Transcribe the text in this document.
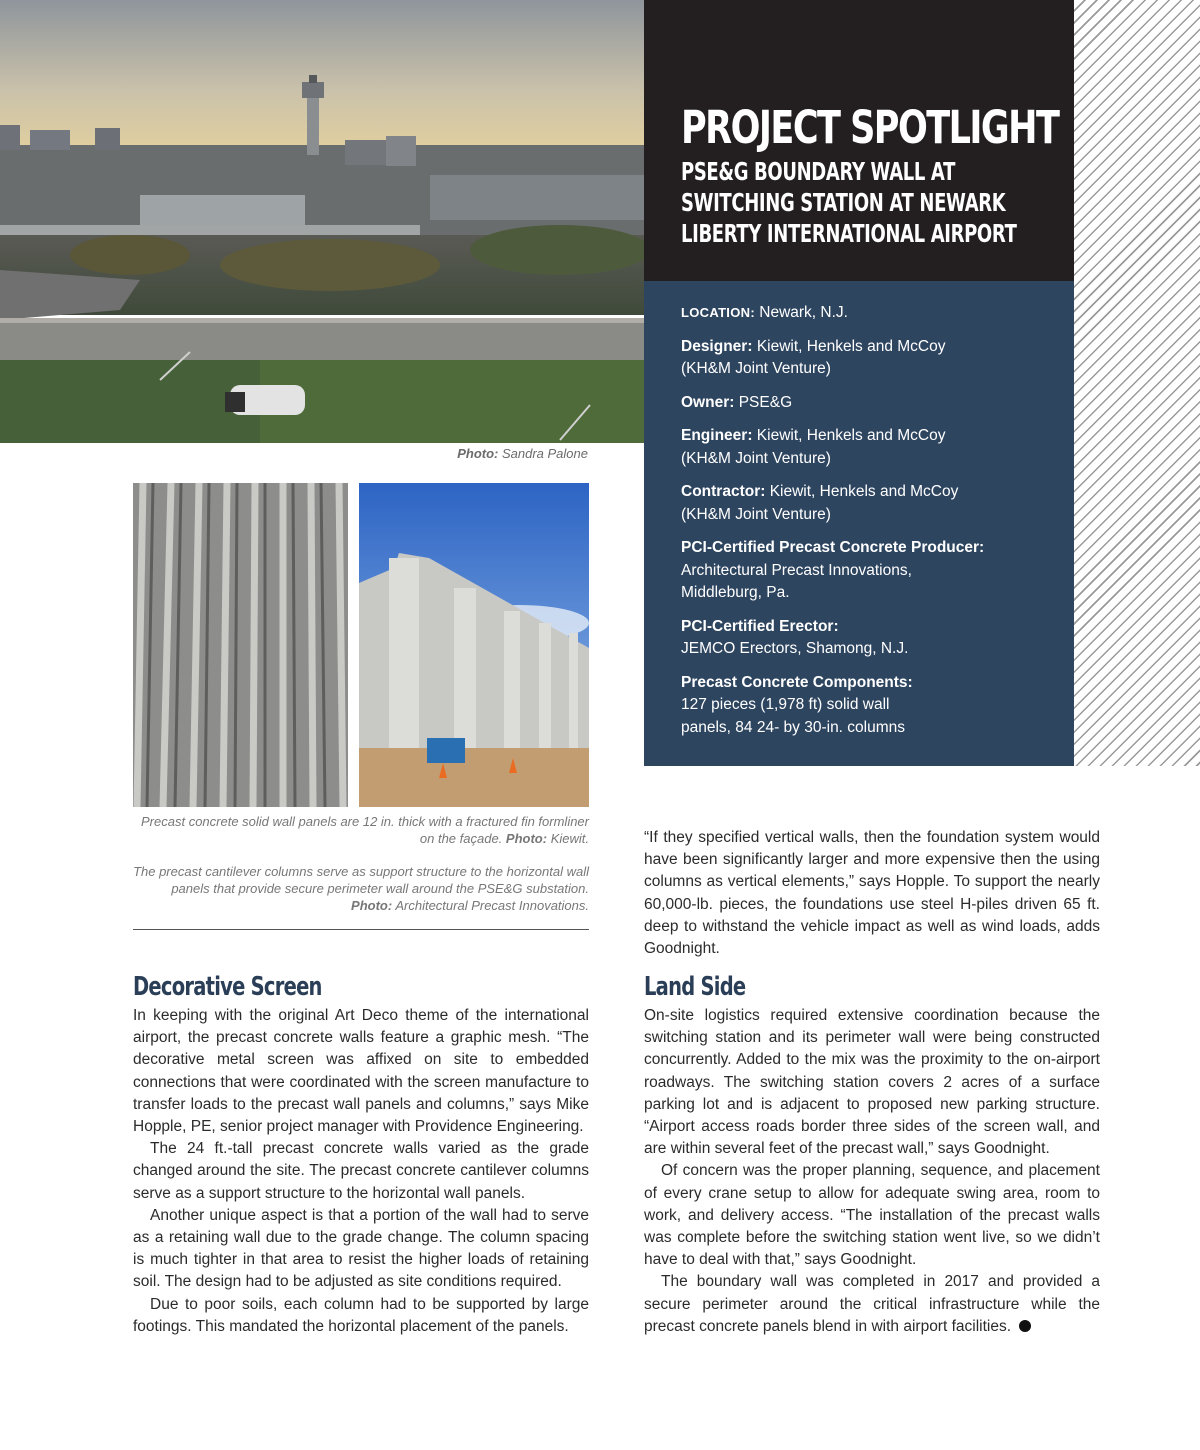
Photo: Sandra Palone
PROJECT SPOTLIGHT
PSE&G BOUNDARY WALL AT
SWITCHING STATION AT NEWARK
LIBERTY INTERNATIONAL AIRPORT
LOCATION: Newark, N.J.
Designer: Kiewit, Henkels and McCoy
(KH&M Joint Venture)
Owner: PSE&G
Engineer: Kiewit, Henkels and McCoy
(KH&M Joint Venture)
Contractor: Kiewit, Henkels and McCoy
(KH&M Joint Venture)
PCI-Certified Precast Concrete Producer:
Architectural Precast Innovations,
Middleburg, Pa.
PCI-Certified Erector:
JEMCO Erectors, Shamong, N.J.
Precast Concrete Components:
127 pieces (1,978 ft) solid wall
panels, 84 24- by 30-in. columns
Precast concrete solid wall panels are 12 in. thick with a fractured fin formliner on the façade. Photo: Kiewit.
The precast cantilever columns serve as support structure to the horizontal wall panels that provide secure perimeter wall around the PSE&G substation. Photo: Architectural Precast Innovations.

“If they specified vertical walls, then the foundation system would have been significantly larger and more expensive then the using columns as vertical elements,” says Hopple. To support the nearly 60,000-lb. pieces, the foundations use steel H-piles driven 65 ft. deep to withstand the vehicle impact as well as wind loads, adds Goodnight.

Decorative Screen

In keeping with the original Art Deco theme of the international airport, the precast concrete walls feature a graphic mesh. “The decorative metal screen was affixed on site to embedded connections that were coordinated with the screen manufacture to transfer loads to the precast wall panels and columns,” says Mike Hopple, PE, senior project manager with Providence Engineering.

The 24 ft.-tall precast concrete walls varied as the grade changed around the site. The precast concrete cantilever columns serve as a support structure to the horizontal wall panels.

Another unique aspect is that a portion of the wall had to serve as a retaining wall due to the grade change. The column spacing is much tighter in that area to resist the higher loads of retaining soil. The design had to be adjusted as site conditions required.

Due to poor soils, each column had to be supported by large footings. This mandated the horizontal placement of the panels.

Land Side

On-site logistics required extensive coordination because the switching station and its perimeter wall were being constructed concurrently. Added to the mix was the proximity to the on-airport roadways. The switching station covers 2 acres of a surface parking lot and is adjacent to proposed new parking structure. “Airport access roads border three sides of the screen wall, and are within several feet of the precast wall,” says Goodnight.

Of concern was the proper planning, sequence, and placement of every crane setup to allow for adequate swing area, room to work, and delivery access. “The installation of the precast walls was complete before the switching station went live, so we didn’t have to deal with that,” says Goodnight.

The boundary wall was completed in 2017 and provided a secure perimeter around the critical infrastructure while the precast concrete panels blend in with airport facilities.
